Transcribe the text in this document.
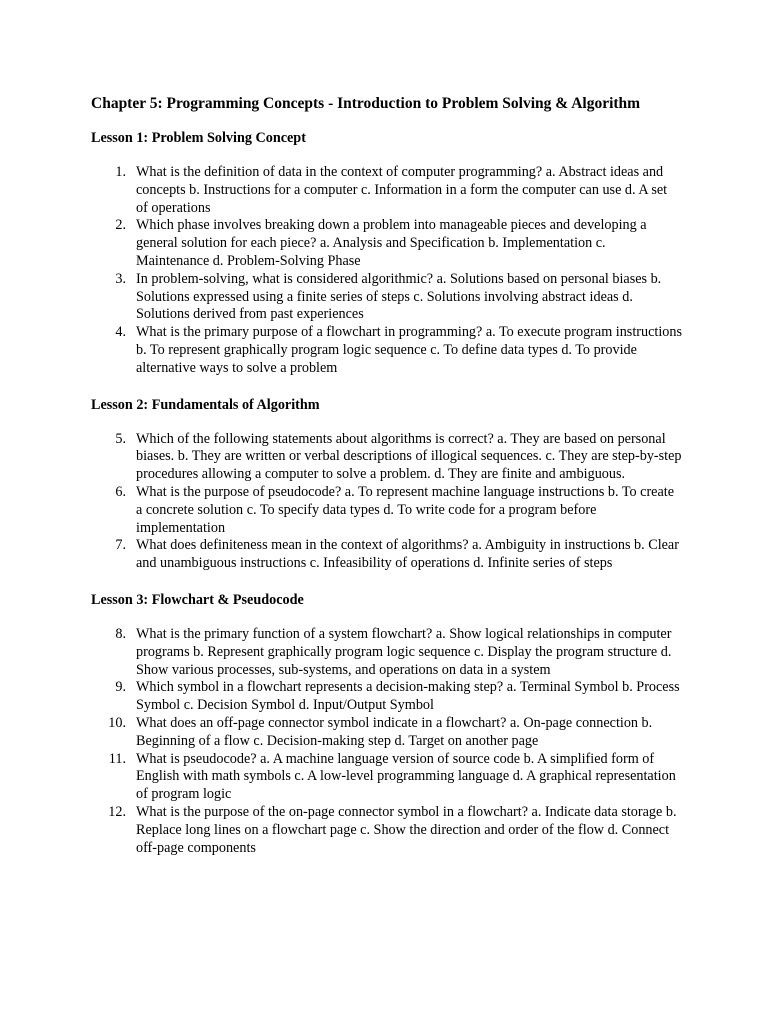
Chapter 5: Programming Concepts - Introduction to Problem Solving & Algorithm
Lesson 1: Problem Solving Concept
1. What is the definition of data in the context of computer programming? a. Abstract ideas and concepts b. Instructions for a computer c. Information in a form the computer can use d. A set of operations
2. Which phase involves breaking down a problem into manageable pieces and developing a general solution for each piece? a. Analysis and Specification b. Implementation c. Maintenance d. Problem-Solving Phase
3. In problem-solving, what is considered algorithmic? a. Solutions based on personal biases b. Solutions expressed using a finite series of steps c. Solutions involving abstract ideas d. Solutions derived from past experiences
4. What is the primary purpose of a flowchart in programming? a. To execute program instructions b. To represent graphically program logic sequence c. To define data types d. To provide alternative ways to solve a problem
Lesson 2: Fundamentals of Algorithm
5. Which of the following statements about algorithms is correct? a. They are based on personal biases. b. They are written or verbal descriptions of illogical sequences. c. They are step-by-step procedures allowing a computer to solve a problem. d. They are finite and ambiguous.
6. What is the purpose of pseudocode? a. To represent machine language instructions b. To create a concrete solution c. To specify data types d. To write code for a program before implementation
7. What does definiteness mean in the context of algorithms? a. Ambiguity in instructions b. Clear and unambiguous instructions c. Infeasibility of operations d. Infinite series of steps
Lesson 3: Flowchart & Pseudocode
8. What is the primary function of a system flowchart? a. Show logical relationships in computer programs b. Represent graphically program logic sequence c. Display the program structure d. Show various processes, sub-systems, and operations on data in a system
9. Which symbol in a flowchart represents a decision-making step? a. Terminal Symbol b. Process Symbol c. Decision Symbol d. Input/Output Symbol
10. What does an off-page connector symbol indicate in a flowchart? a. On-page connection b. Beginning of a flow c. Decision-making step d. Target on another page
11. What is pseudocode? a. A machine language version of source code b. A simplified form of English with math symbols c. A low-level programming language d. A graphical representation of program logic
12. What is the purpose of the on-page connector symbol in a flowchart? a. Indicate data storage b. Replace long lines on a flowchart page c. Show the direction and order of the flow d. Connect off-page components
